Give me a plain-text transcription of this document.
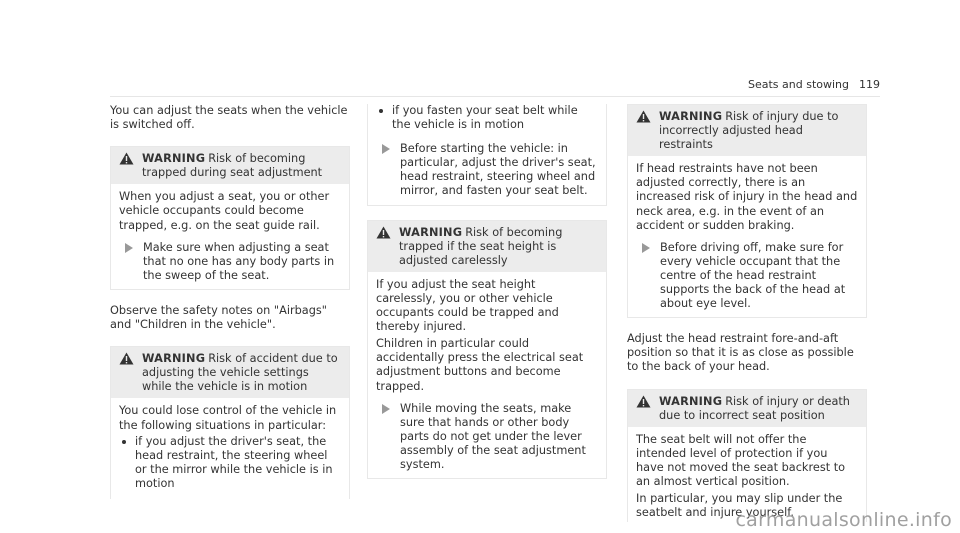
Seats and stowing 119

You can adjust the seats when the vehicle is switched off.

WARNING Risk of becoming trapped during seat adjustment

When you adjust a seat, you or other vehicle occupants could become trapped, e.g. on the seat guide rail.

Make sure when adjusting a seat that no one has any body parts in the sweep of the seat.

Observe the safety notes on "Airbags" and "Children in the vehicle".

WARNING Risk of accident due to adjusting the vehicle settings while the vehicle is in motion

You could lose control of the vehicle in the following situations in particular:

if you adjust the driver's seat, the head restraint, the steering wheel or the mirror while the vehicle is in motion
if you fasten your seat belt while the vehicle is in motion
Before starting the vehicle: in particular, adjust the driver's seat, head restraint, steering wheel and mirror, and fasten your seat belt.
WARNING Risk of becoming trapped if the seat height is adjusted carelessly

If you adjust the seat height carelessly, you or other vehicle occupants could be trapped and thereby injured.

Children in particular could accidentally press the electrical seat adjustment buttons and become trapped.

While moving the seats, make sure that hands or other body parts do not get under the lever assembly of the seat adjustment system.
WARNING Risk of injury due to incorrectly adjusted head restraints

If head restraints have not been adjusted correctly, there is an increased risk of injury in the head and neck area, e.g. in the event of an accident or sudden braking.

Before driving off, make sure for every vehicle occupant that the centre of the head restraint supports the back of the head at about eye level.

Adjust the head restraint fore-and-aft position so that it is as close as possible to the back of your head.

WARNING Risk of injury or death due to incorrect seat position

The seat belt will not offer the intended level of protection if you have not moved the seat backrest to an almost vertical position.

In particular, you may slip under the seatbelt and injure yourself.

carmanualsonline.info
